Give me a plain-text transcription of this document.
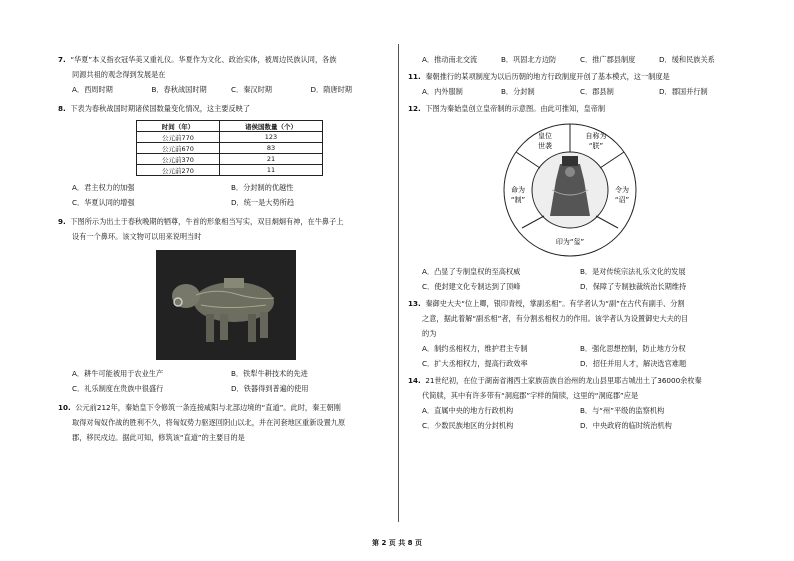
7. “华夏”本义指衣冠华美又重礼仪。华夏作为文化、政治实体，被周边民族认同，各族

同源共祖的观念得到发展是在

A．西周时期	B．春秋战国时期	C．秦汉时期	D．隋唐时期

8. 下表为春秋战国时期诸侯国数量变化情况，这主要反映了

时间（年）	诸侯国数量（个）
公元前770	123
公元前670	83
公元前370	21
公元前270	11
A．君主权力的加强	B．分封制的优越性
C．华夏认同的增强	D．统一是大势所趋

9. 下图所示为出土于春秋晚期的牺尊，牛首的形象相当写实，双目炯炯有神，在牛鼻子上

设有一个鼻环。该文物可以用来说明当时

A．耕牛可能被用于农业生产	B．铁犁牛耕技术的先进
C．礼乐制度在贵族中很盛行	D．铁器得到普遍的使用

10. 公元前212年，秦始皇下令修筑一条连接咸阳与北部边境的“直道”。此时，秦王朝刚

取得对匈奴作战的胜利不久，将匈奴势力驱逐回阴山以北，并在河套地区重新设置九原

郡，移民戍边。据此可知，修筑该“直道”的主要目的是

A．推动南北交流	B．巩固北方边防	C．推广郡县制度	D．缓和民族关系

11. 秦朝推行的某项制度为以后历朝的地方行政制度开创了基本模式，这一制度是

A．内外服制	B．分封制	C．郡县制	D．郡国并行制

12. 下图为秦始皇创立皇帝制的示意图。由此可推知，皇帝制

皇位
世袭
自称为
“朕”
命为
“制”
令为
“诏”
印为“玺”
A．凸显了专制皇权的至高权威	B．是对传统宗法礼乐文化的发展
C．使封建文化专制达到了顶峰	D．保障了专制独裁统治长期维持

13. 秦御史大夫“位上卿，银印青绶，掌副丞相”。有学者认为“副”在古代有副手、分割

之意，据此着解“副丞相”者，有分割丞相权力的作用。该学者认为设置御史大夫的目

的为

A．制约丞相权力，维护君主专制	B．强化思想控制，防止地方分权
C．扩大丞相权力，提高行政效率	D．招任并用人才，解决选官难题

14. 21世纪初，在位于湖南省湘西土家族苗族自治州的龙山县里耶古城出土了36000余枚秦

代简牍，其中有许多带有“洞庭郡”字样的简牍，这里的“洞庭郡”应是

A．直属中央的地方行政机构	B．与“州”平级的监察机构
C．少数民族地区的分封机构	D．中央政府的临时统治机构
第 2 页 共 8 页
